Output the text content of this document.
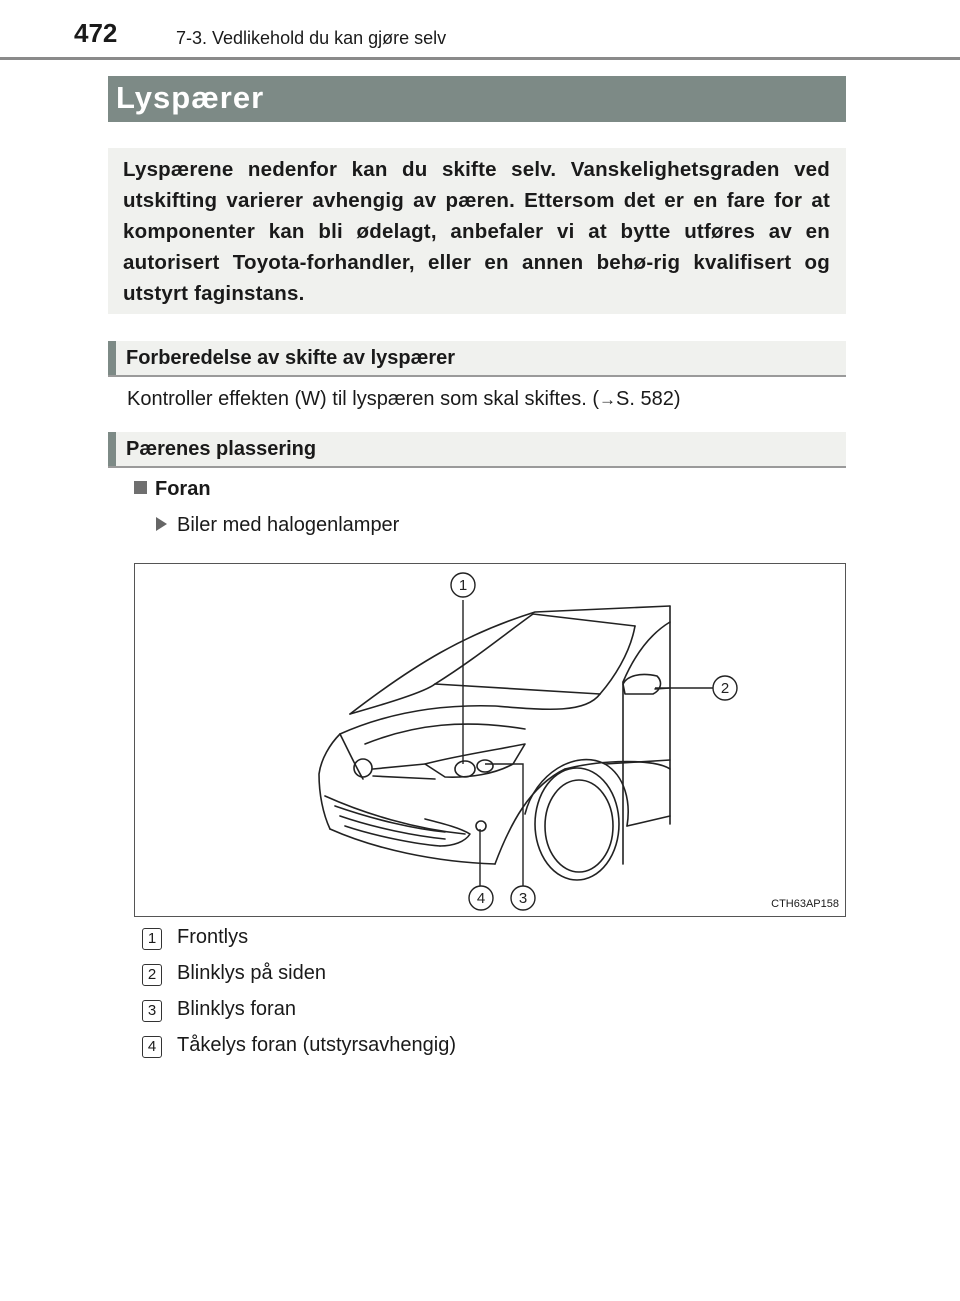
472	7-3. Vedlikehold du kan gjøre selv
Lyspærer
Lyspærene nedenfor kan du skifte selv. Vanskelighetsgraden ved utskifting varierer avhengig av pæren. Ettersom det er en fare for at komponenter kan bli ødelagt, anbefaler vi at bytte utføres av en autorisert Toyota-forhandler, eller en annen behø-rig kvalifisert og utstyrt faginstans.
Forberedelse av skifte av lyspærer
Kontroller effekten (W) til lyspæren som skal skiftes. (→S. 582)
Pærenes plassering
Foran
Biler med halogenlamper
1
2
3
4	CTH63AP158
1 Frontlys
2 Blinklys på siden
3 Blinklys foran
4 Tåkelys foran (utstyrsavhengig)
